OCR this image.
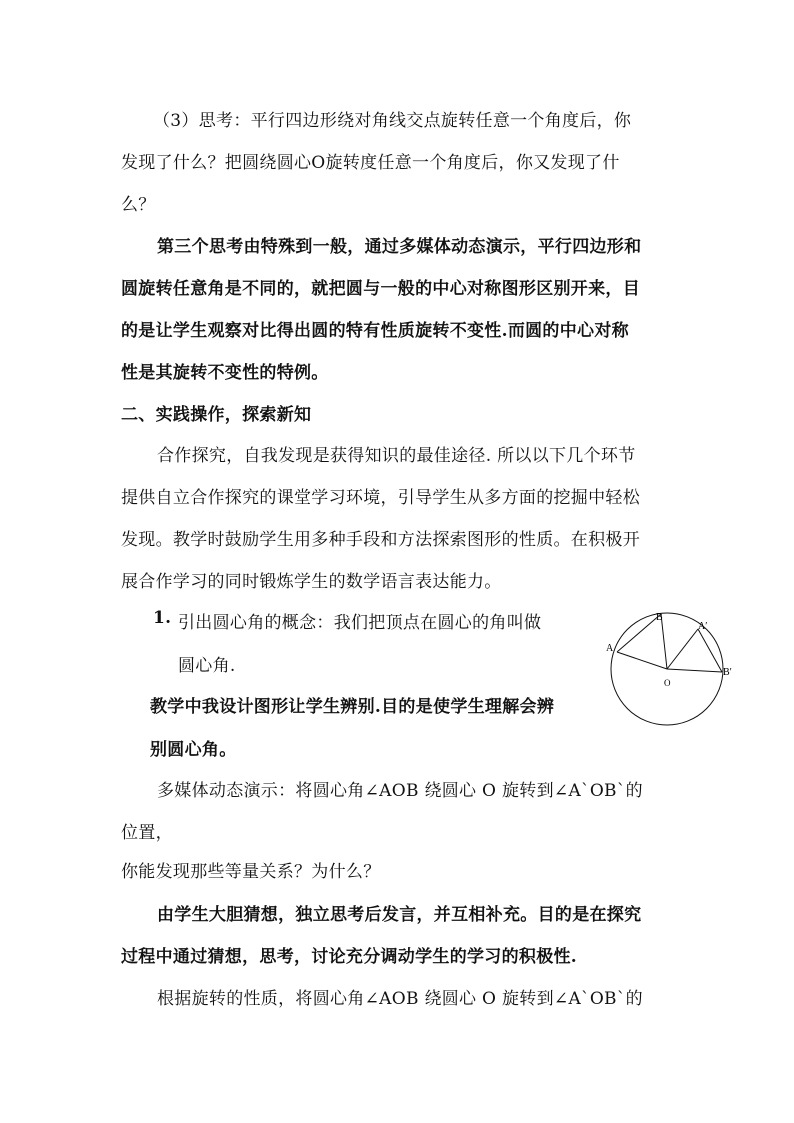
（3）思考：平行四边形绕对角线交点旋转任意一个角度后，你
发现了什么？把圆绕圆心O旋转度任意一个角度后，你又发现了什
么？
第三个思考由特殊到一般，通过多媒体动态演示，平行四边形和
圆旋转任意角是不同的，就把圆与一般的中心对称图形区别开来，目
的是让学生观察对比得出圆的特有性质旋转不变性.而圆的中心对称
性是其旋转不变性的特例。
二、实践操作，探索新知
合作探究，自我发现是获得知识的最佳途径. 所以以下几个环节
提供自立合作探究的课堂学习环境，引导学生从多方面的挖掘中轻松
发现。教学时鼓励学生用多种手段和方法探索图形的性质。在积极开
展合作学习的同时锻炼学生的数学语言表达能力。
1. 引出圆心角的概念：我们把顶点在圆心的角叫做
圆心角.
教学中我设计图形让学生辨别.目的是使学生理解会辨
别圆心角。
多媒体动态演示：将圆心角∠AOB 绕圆心 O 旋转到∠A`OB`的
位置，
你能发现那些等量关系？为什么？
由学生大胆猜想，独立思考后发言，并互相补充。目的是在探究
过程中通过猜想，思考，讨论充分调动学生的学习的积极性.
根据旋转的性质，将圆心角∠AOB 绕圆心 O 旋转到∠A`OB`的
A
B
A′
B′
O
